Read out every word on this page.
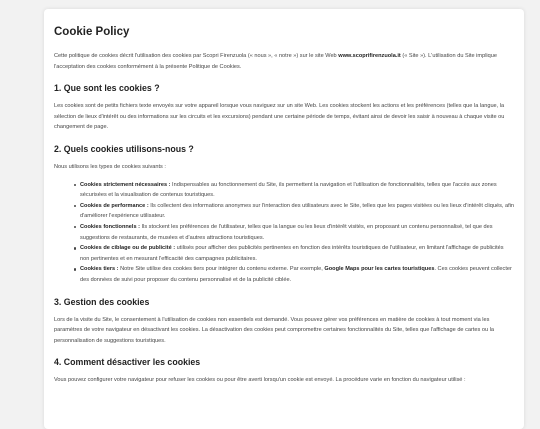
Cookie Policy

Cette politique de cookies décrit l'utilisation des cookies par Scopri Firenzuola (« nous », « notre ») sur le site Web www.scoprifirenzuola.it (« Site »). L'utilisation du Site implique l'acceptation des cookies conformément à la présente Politique de Cookies.

1. Que sont les cookies ?

Les cookies sont de petits fichiers texte envoyés sur votre appareil lorsque vous naviguez sur un site Web. Les cookies stockent les actions et les préférences (telles que la langue, la sélection de lieux d'intérêt ou des informations sur les circuits et les excursions) pendant une certaine période de temps, évitant ainsi de devoir les saisir à nouveau à chaque visite ou changement de page.

2. Quels cookies utilisons-nous ?

Nous utilisons les types de cookies suivants :

Cookies strictement nécessaires : Indispensables au fonctionnement du Site, ils permettent la navigation et l'utilisation de fonctionnalités, telles que l'accès aux zones sécurisées et la visualisation de contenus touristiques.
Cookies de performance : Ils collectent des informations anonymes sur l'interaction des utilisateurs avec le Site, telles que les pages visitées ou les lieux d'intérêt cliqués, afin d'améliorer l'expérience utilisateur.
Cookies fonctionnels : Ils stockent les préférences de l'utilisateur, telles que la langue ou les lieux d'intérêt visités, en proposant un contenu personnalisé, tel que des suggestions de restaurants, de musées et d'autres attractions touristiques.
Cookies de ciblage ou de publicité : utilisés pour afficher des publicités pertinentes en fonction des intérêts touristiques de l'utilisateur, en limitant l'affichage de publicités non pertinentes et en mesurant l'efficacité des campagnes publicitaires.
Cookies tiers : Notre Site utilise des cookies tiers pour intégrer du contenu externe. Par exemple, Google Maps pour les cartes touristiques. Ces cookies peuvent collecter des données de suivi pour proposer du contenu personnalisé et de la publicité ciblée.
3. Gestion des cookies

Lors de la visite du Site, le consentement à l'utilisation de cookies non essentiels est demandé. Vous pouvez gérer vos préférences en matière de cookies à tout moment via les paramètres de votre navigateur en désactivant les cookies. La désactivation des cookies peut compromettre certaines fonctionnalités du Site, telles que l'affichage de cartes ou la personnalisation de suggestions touristiques.

4. Comment désactiver les cookies

Vous pouvez configurer votre navigateur pour refuser les cookies ou pour être averti lorsqu'un cookie est envoyé. La procédure varie en fonction du navigateur utilisé :
